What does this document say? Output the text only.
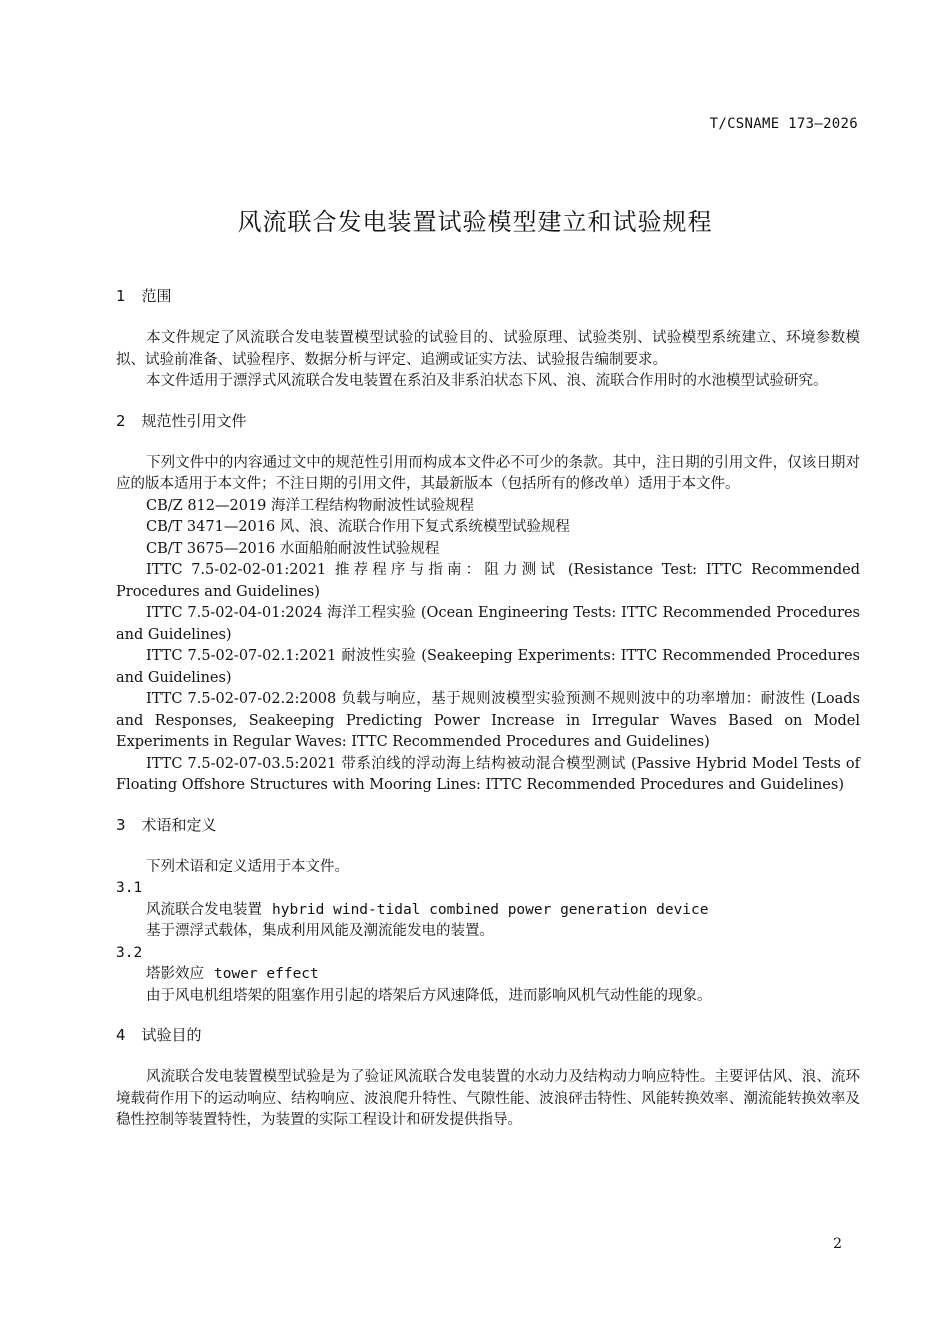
T/CSNAME 173—2026
风流联合发电装置试验模型建立和试验规程
1 范围

本文件规定了风流联合发电装置模型试验的试验目的、试验原理、试验类别、试验模型系统建立、环境参数模拟、试验前准备、试验程序、数据分析与评定、追溯或证实方法、试验报告编制要求。

本文件适用于漂浮式风流联合发电装置在系泊及非系泊状态下风、浪、流联合作用时的水池模型试验研究。

2 规范性引用文件

下列文件中的内容通过文中的规范性引用而构成本文件必不可少的条款。其中，注日期的引用文件，仅该日期对应的版本适用于本文件；不注日期的引用文件，其最新版本（包括所有的修改单）适用于本文件。

CB/Z 812—2019 海洋工程结构物耐波性试验规程
CB/T 3471—2016 风、浪、流联合作用下复式系统模型试验规程
CB/T 3675—2016 水面船舶耐波性试验规程
ITTC 7.5-02-02-01:2021 推荐程序与指南：阻力测试 (Resistance Test: ITTC Recommended Procedures and Guidelines)
ITTC 7.5-02-04-01:2024 海洋工程实验 (Ocean Engineering Tests: ITTC Recommended Procedures and Guidelines)
ITTC 7.5-02-07-02.1:2021 耐波性实验 (Seakeeping Experiments: ITTC Recommended Procedures and Guidelines)
ITTC 7.5-02-07-02.2:2008 负载与响应，基于规则波模型实验预测不规则波中的功率增加：耐波性 (Loads and Responses, Seakeeping Predicting Power Increase in Irregular Waves Based on Model Experiments in Regular Waves: ITTC Recommended Procedures and Guidelines)
ITTC 7.5-02-07-03.5:2021 带系泊线的浮动海上结构被动混合模型测试 (Passive Hybrid Model Tests of Floating Offshore Structures with Mooring Lines: ITTC Recommended Procedures and Guidelines)
3 术语和定义

下列术语和定义适用于本文件。

3.1

风流联合发电装置 hybrid wind-tidal combined power generation device

基于漂浮式载体，集成利用风能及潮流能发电的装置。

3.2

塔影效应 tower effect

由于风电机组塔架的阻塞作用引起的塔架后方风速降低，进而影响风机气动性能的现象。

4 试验目的

风流联合发电装置模型试验是为了验证风流联合发电装置的水动力及结构动力响应特性。主要评估风、浪、流环境载荷作用下的运动响应、结构响应、波浪爬升特性、气隙性能、波浪砰击特性、风能转换效率、潮流能转换效率及稳性控制等装置特性，为装置的实际工程设计和研发提供指导。

2
